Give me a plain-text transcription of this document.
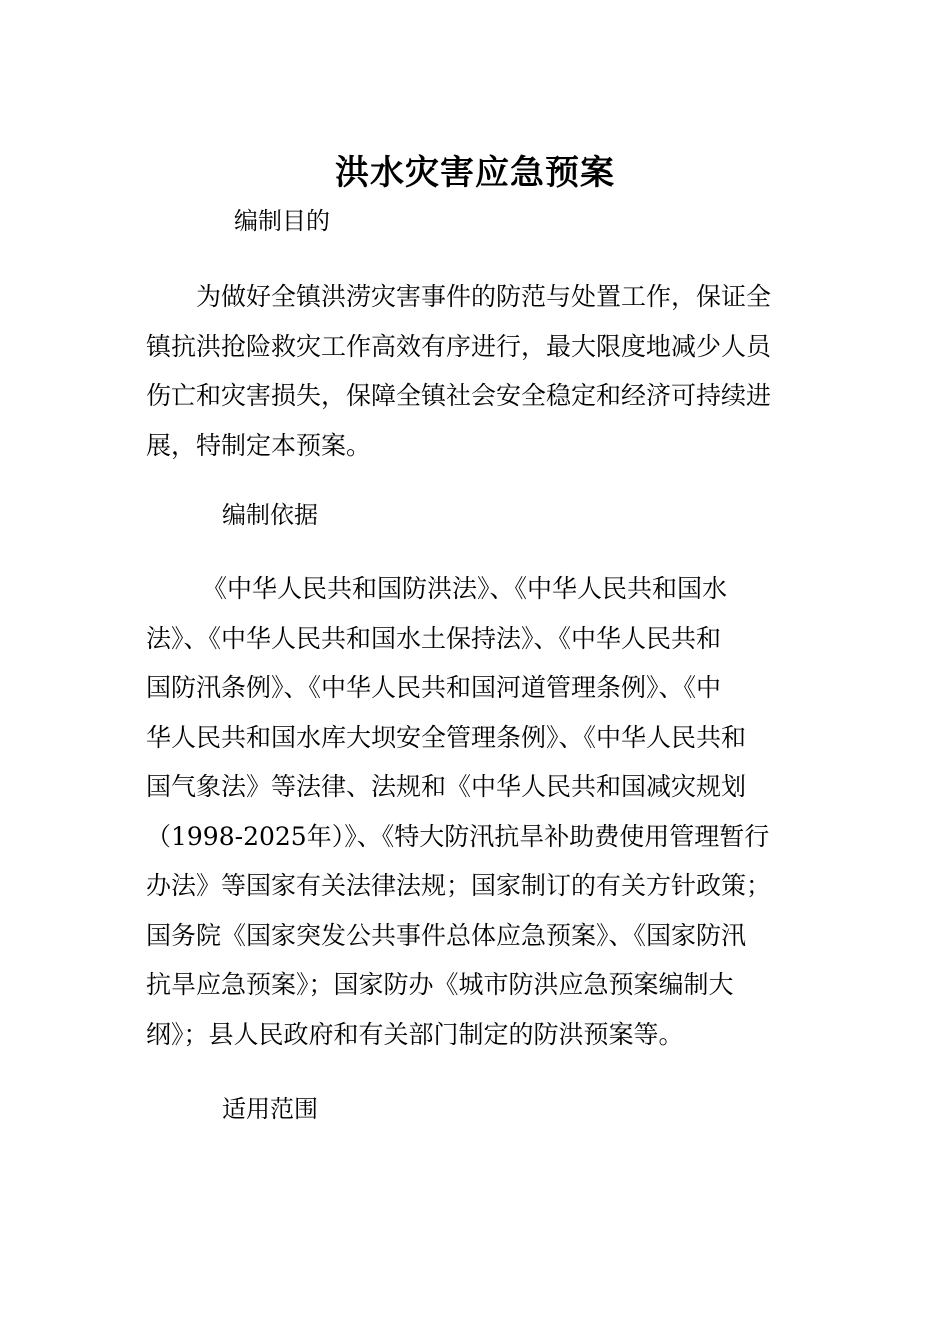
洪水灾害应急预案
编制目的

为做好全镇洪涝灾害事件的防范与处置工作，保证全
镇抗洪抢险救灾工作高效有序进行，最大限度地减少人员
伤亡和灾害损失，保障全镇社会安全稳定和经济可持续进
展，特制定本预案。

编制依据

《中华人民共和国防洪法》、《中华人民共和国水
法》、《中华人民共和国水土保持法》、《中华人民共和
国防汛条例》、《中华人民共和国河道管理条例》、《中
华人民共和国水库大坝安全管理条例》、《中华人民共和
国气象法》等法律、法规和《中华人民共和国减灾规划
（1998-2025年）》、《特大防汛抗旱补助费使用管理暂行
办法》等国家有关法律法规；国家制订的有关方针政策；
国务院《国家突发公共事件总体应急预案》、《国家防汛
抗旱应急预案》；国家防办《城市防洪应急预案编制大
纲》；县人民政府和有关部门制定的防洪预案等。

适用范围
